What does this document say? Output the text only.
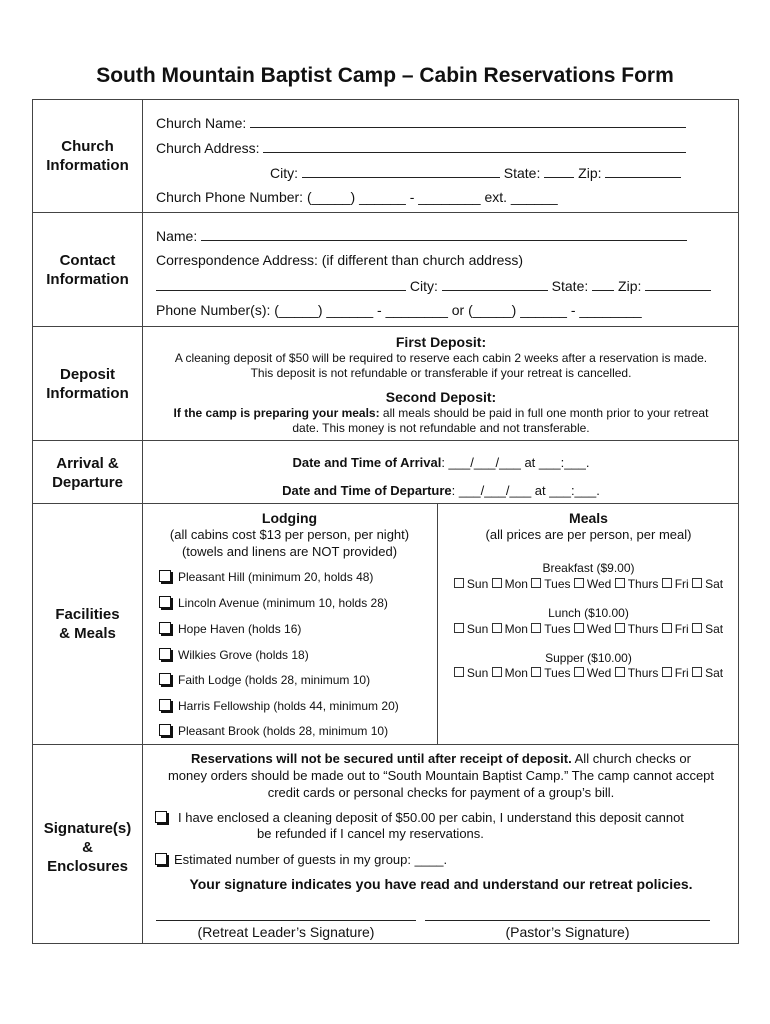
South Mountain Baptist Camp – Cabin Reservations Form
Church
Information
Church Name:
Church Address:
City:	State:	Zip:
Church Phone Number: (_____) ______ - ________ ext. ______
Contact
Information
Name:
Correspondence Address: (if different than church address)
City:	State: Zip:
Phone Number(s): (_____) ______ - ________ or (_____) ______ - ________
Deposit
Information
First Deposit:
A cleaning deposit of $50 will be required to reserve each cabin 2 weeks after a reservation is made.
This deposit is not refundable or transferable if your retreat is cancelled.
Second Deposit:
If the camp is preparing your meals: all meals should be paid in full one month prior to your retreat
date. This money is not refundable and not transferable.
Arrival &
Departure
Date and Time of Arrival: ___/___/___ at ___:___.
Date and Time of Departure: ___/___/___ at ___:___.
Facilities
& Meals
Lodging
(all cabins cost $13 per person, per night)
(towels and linens are NOT provided)
Pleasant Hill (minimum 20, holds 48)
Lincoln Avenue (minimum 10, holds 28)
Hope Haven (holds 16)
Wilkies Grove (holds 18)
Faith Lodge (holds 28, minimum 10)
Harris Fellowship (holds 44, minimum 20)
Pleasant Brook (holds 28, minimum 10)
Meals
(all prices are per person, per meal)
Breakfast ($9.00)
Sun Mon Tues Wed Thurs Fri Sat
Lunch ($10.00)
Sun Mon Tues Wed Thurs Fri Sat
Supper ($10.00)
Sun Mon Tues Wed Thurs Fri Sat
Signature(s)
&
Enclosures
Reservations will not be secured until after receipt of deposit. All church checks or
money orders should be made out to “South Mountain Baptist Camp.” The camp cannot accept
credit cards or personal checks for payment of a group’s bill.
I have enclosed a cleaning deposit of $50.00 per cabin, I understand this deposit cannot
be refunded if I cancel my reservations.
Estimated number of guests in my group: ____.
Your signature indicates you have read and understand our retreat policies.
(Retreat Leader’s Signature)	(Pastor’s Signature)
